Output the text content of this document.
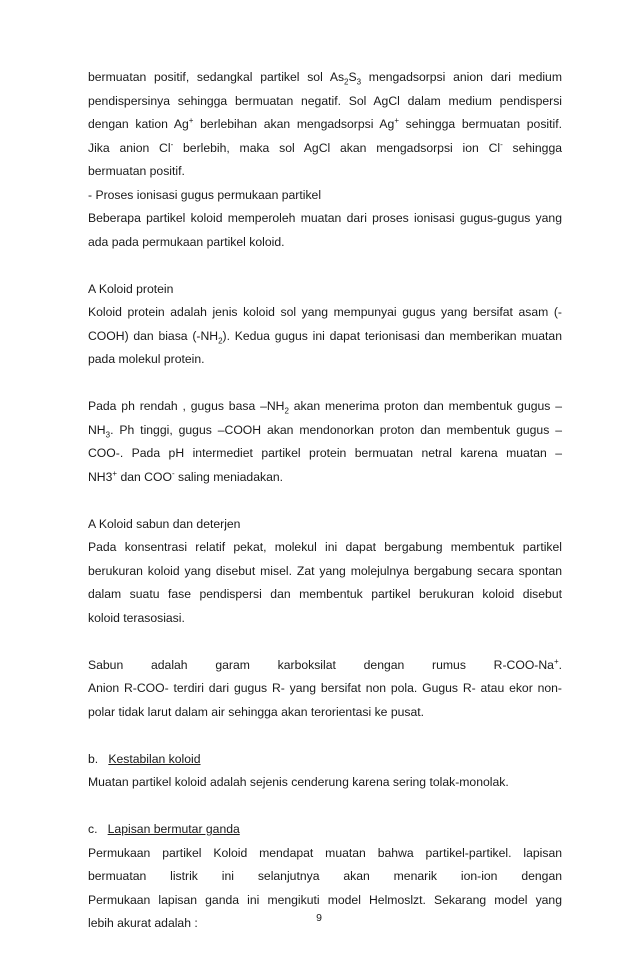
bermuatan positif, sedangkal partikel sol $As_2S_3$ mengadsorpsi anion dari medium

pendispersinya sehingga bermuatan negatif. Sol AgCl dalam medium pendispersi

dengan kation Ag+ berlebihan akan mengadsorpsi Ag+ sehingga bermuatan positif.

Jika anion Cl- berlebih, maka sol AgCl akan mengadsorpsi ion Cl- sehingga

bermuatan positif.

- Proses ionisasi gugus permukaan partikel

Beberapa partikel koloid memperoleh muatan dari proses ionisasi gugus-gugus yang

ada pada permukaan partikel koloid.

A Koloid protein

Koloid protein adalah jenis koloid sol yang mempunyai gugus yang bersifat asam (-

COOH) dan biasa $(-NH_2)$. Kedua gugus ini dapat terionisasi dan memberikan muatan

pada molekul protein.

Pada ph rendah , gugus basa $-NH_2$ akan menerima proton dan membentuk gugus –

$NH_3$. Ph tinggi, gugus –COOH akan mendonorkan proton dan membentuk gugus –

COO-. Pada pH intermediet partikel protein bermuatan netral karena muatan –

NH3+ dan COO- saling meniadakan.

A Koloid sabun dan deterjen

Pada konsentrasi relatif pekat, molekul ini dapat bergabung membentuk partikel

berukuran koloid yang disebut misel. Zat yang molejulnya bergabung secara spontan

dalam suatu fase pendispersi dan membentuk partikel berukuran koloid disebut

koloid terasosiasi.

Sabun adalah garam karboksilat dengan rumus R-COO-Na+.

Anion R-COO- terdiri dari gugus R- yang bersifat non pola. Gugus R- atau ekor non-

polar tidak larut dalam air sehingga akan terorientasi ke pusat.

b. Kestabilan koloid

Muatan partikel koloid adalah sejenis cenderung karena sering tolak-monolak.

c. Lapisan bermutar ganda

Permukaan partikel Koloid mendapat muatan bahwa partikel-partikel. lapisan

bermuatan listrik ini selanjutnya akan menarik ion-ion dengan

Permukaan lapisan ganda ini mengikuti model Helmoslzt. Sekarang model yang

lebih akurat adalah :	9
